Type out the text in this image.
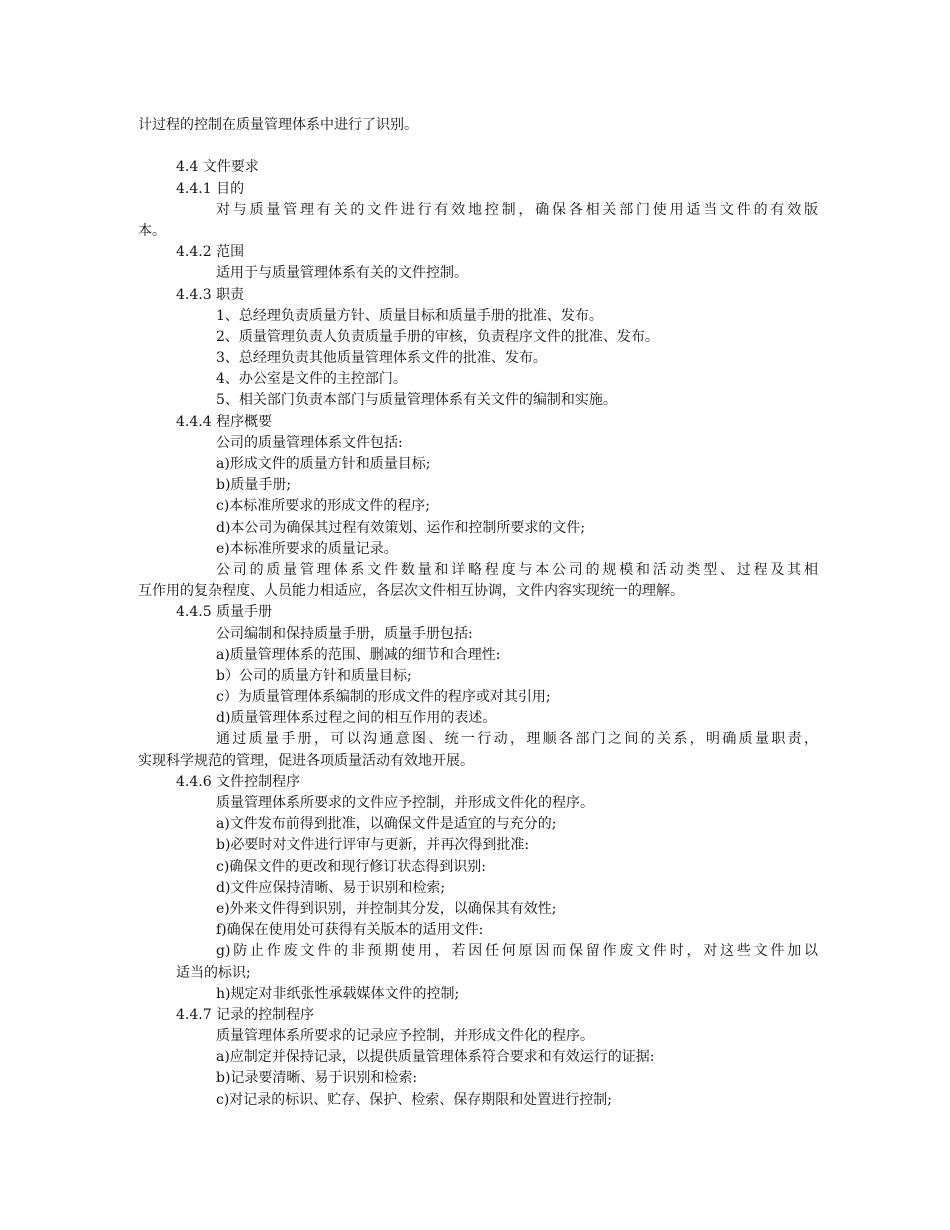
计过程的控制在质量管理体系中进行了识别。

4.4 文件要求

4.4.1 目的

对与质量管理有关的文件进行有效地控制，确保各相关部门使用适当文件的有效版

本。

4.4.2 范围

适用于与质量管理体系有关的文件控制。

4.4.3 职责

1、总经理负责质量方针、质量目标和质量手册的批准、发布。

2、质量管理负责人负责质量手册的审核，负责程序文件的批准、发布。

3、总经理负责其他质量管理体系文件的批准、发布。

4、办公室是文件的主控部门。

5、相关部门负责本部门与质量管理体系有关文件的编制和实施。

4.4.4 程序概要

公司的质量管理体系文件包括:

a)形成文件的质量方针和质量目标;

b)质量手册;

c)本标准所要求的形成文件的程序;

d)本公司为确保其过程有效策划、运作和控制所要求的文件;

e)本标准所要求的质量记录。

公司的质量管理体系文件数量和详略程度与本公司的规模和活动类型、过程及其相

互作用的复杂程度、人员能力相适应，各层次文件相互协调，文件内容实现统一的理解。

4.4.5 质量手册

公司编制和保持质量手册，质量手册包括:

a)质量管理体系的范围、删减的细节和合理性:

b）公司的质量方针和质量目标;

c）为质量管理体系编制的形成文件的程序或对其引用;

d)质量管理体系过程之间的相互作用的表述。

通过质量手册，可以沟通意图、统一行动，理顺各部门之间的关系，明确质量职责，

实现科学规范的管理，促进各项质量活动有效地开展。

4.4.6 文件控制程序

质量管理体系所要求的文件应予控制，并形成文件化的程序。

a)文件发布前得到批准，以确保文件是适宜的与充分的;

b)必要时对文件进行评审与更新，并再次得到批准:

c)确保文件的更改和现行修订状态得到识别:

d)文件应保持清晰、易于识别和检索;

e)外来文件得到识别，并控制其分发，以确保其有效性;

f)确保在使用处可获得有关版本的适用文件:

g)防止作废文件的非预期使用，若因任何原因而保留作废文件时，对这些文件加以

适当的标识;

h)规定对非纸张性承载媒体文件的控制;

4.4.7 记录的控制程序

质量管理体系所要求的记录应予控制，并形成文件化的程序。

a)应制定并保持记录，以提供质量管理体系符合要求和有效运行的证据:

b)记录要清晰、易于识别和检索:

c)对记录的标识、贮存、保护、检索、保存期限和处置进行控制;
